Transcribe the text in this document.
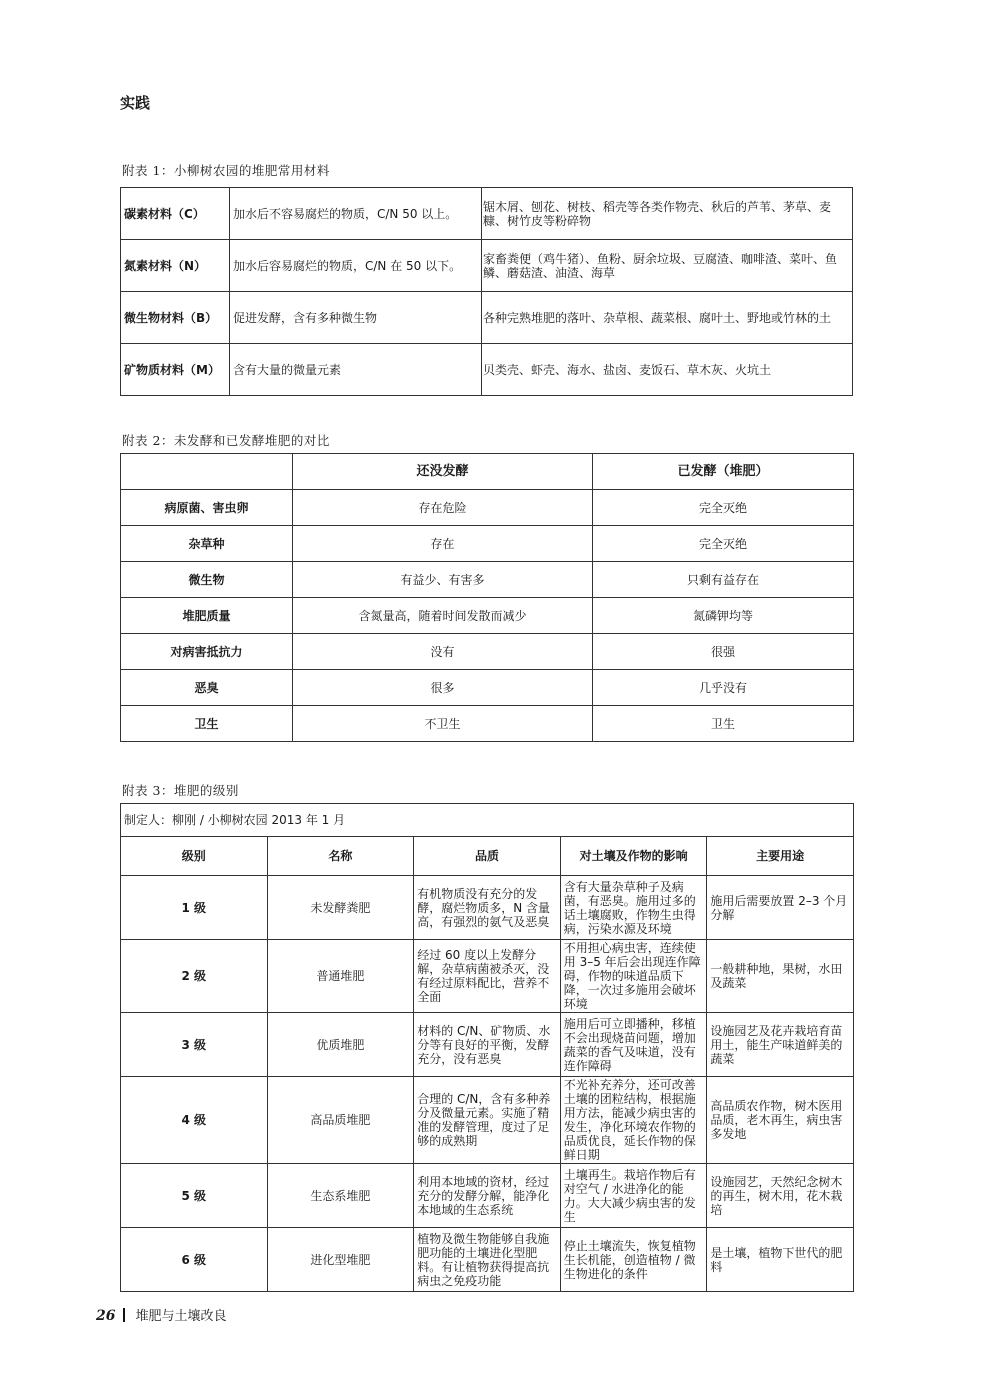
实践
附表 1：小柳树农园的堆肥常用材料
碳素材料（C）	加水后不容易腐烂的物质，C/N 50 以上。	锯木屑、刨花、树枝、稻壳等各类作物壳、秋后的芦苇、茅草、麦糠、树竹皮等粉碎物
氮素材料（N）	加水后容易腐烂的物质，C/N 在 50 以下。	家畜粪便（鸡牛猪）、鱼粉、厨余垃圾、豆腐渣、咖啡渣、菜叶、鱼鳞、蘑菇渣、油渣、海草
微生物材料（B）	促进发酵，含有多种微生物	各种完熟堆肥的落叶、杂草根、蔬菜根、腐叶土、野地或竹林的土
矿物质材料（M）	含有大量的微量元素	贝类壳、虾壳、海水、盐卤、麦饭石、草木灰、火坑土
附表 2：未发酵和已发酵堆肥的对比
	还没发酵	已发酵（堆肥）
病原菌、害虫卵	存在危险	完全灭绝
杂草种	存在	完全灭绝
微生物	有益少、有害多	只剩有益存在
堆肥质量	含氮量高，随着时间发散而减少	氮磷钾均等
对病害抵抗力	没有	很强
恶臭	很多	几乎没有
卫生	不卫生	卫生
附表 3：堆肥的级别
制定人：柳刚 / 小柳树农园 2013 年 1 月				
级别	名称	品质	对土壤及作物的影响	主要用途
1 级	未发酵粪肥	有机物质没有充分的发酵，腐烂物质多，N 含量高，有强烈的氨气及恶臭	含有大量杂草种子及病菌，有恶臭。施用过多的话土壤腐败，作物生虫得病，污染水源及环境	施用后需要放置 2–3 个月分解
2 级	普通堆肥	经过 60 度以上发酵分解，杂草病菌被杀灭，没有经过原料配比，营养不全面	不用担心病虫害，连续使用 3–5 年后会出现连作障碍，作物的味道品质下降，一次过多施用会破坏环境	一般耕种地，果树，水田及蔬菜
3 级	优质堆肥	材料的 C/N、矿物质、水分等有良好的平衡，发酵充分，没有恶臭	施用后可立即播种，移植不会出现烧苗问题，增加蔬菜的香气及味道，没有连作障碍	设施园艺及花卉栽培育苗用土，能生产味道鲜美的蔬菜
4 级	高品质堆肥	合理的 C/N，含有多种养分及微量元素。实施了精准的发酵管理，度过了足够的成熟期	不光补充养分，还可改善土壤的团粒结构，根据施用方法，能减少病虫害的发生，净化环境农作物的品质优良，延长作物的保鲜日期	高品质农作物，树木医用品质，老木再生，病虫害多发地
5 级	生态系堆肥	利用本地域的资材，经过充分的发酵分解，能净化本地域的生态系统	土壤再生。栽培作物后有对空气 / 水进净化的能力。大大减少病虫害的发生	设施园艺，天然纪念树木的再生，树木用，花木栽培
6 级	进化型堆肥	植物及微生物能够自我施肥功能的土壤进化型肥料。有让植物获得提高抗病虫之免疫功能	停止土壤流失，恢复植物生长机能，创造植物 / 微生物进化的条件	是土壤，植物下世代的肥料
26 堆肥与土壤改良
